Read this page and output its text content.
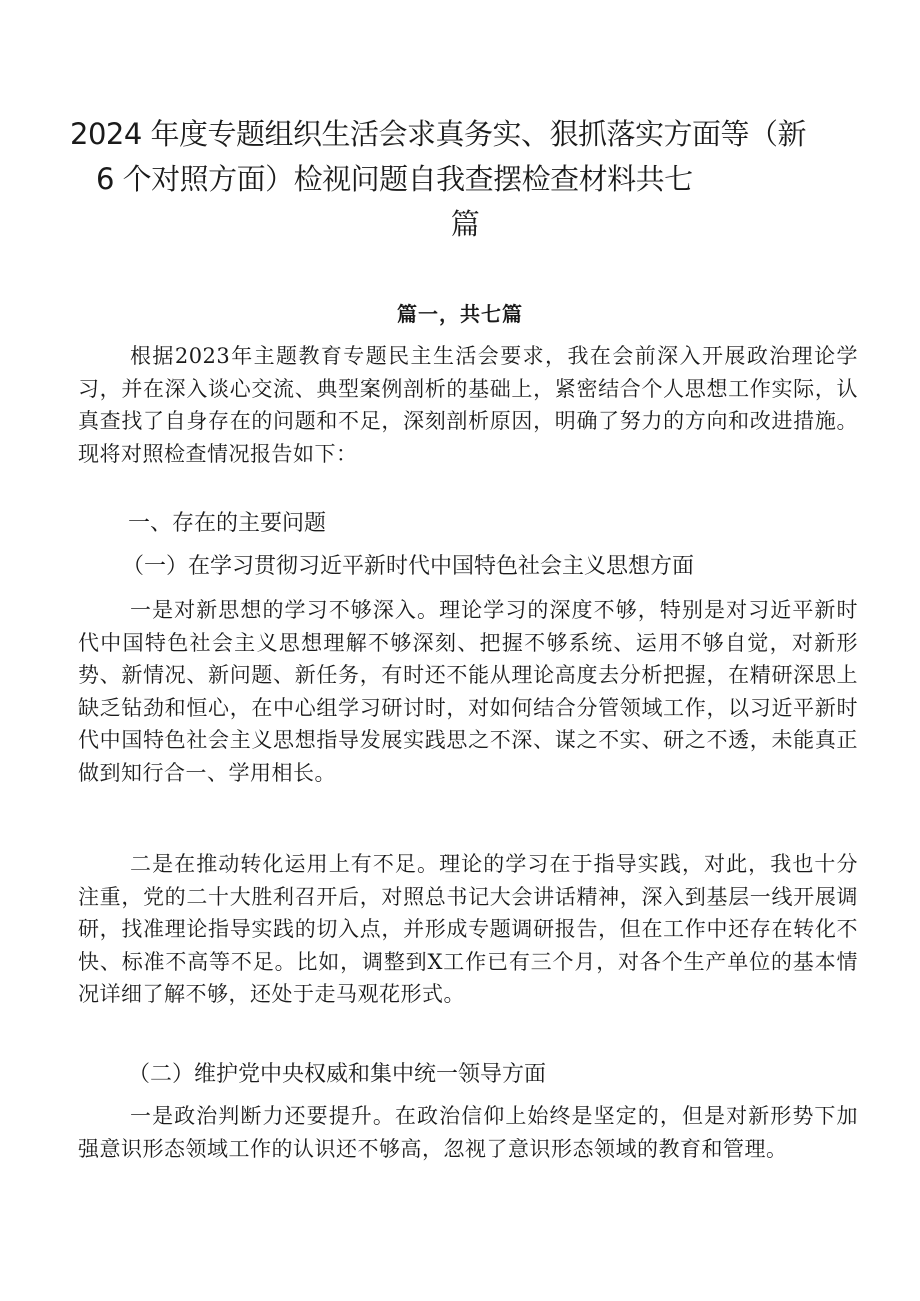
2024 年度专题组织生活会求真务实、狠抓落实方面等（新
6 个对照方面）检视问题自我查摆检查材料共七
篇
篇一，共七篇

根据2023年主题教育专题民主生活会要求，我在会前深入开展政治理论学习，并在深入谈心交流、典型案例剖析的基础上，紧密结合个人思想工作实际，认真查找了自身存在的问题和不足，深刻剖析原因，明确了努力的方向和改进措施。现将对照检查情况报告如下：

一、存在的主要问题
（一）在学习贯彻习近平新时代中国特色社会主义思想方面

一是对新思想的学习不够深入。理论学习的深度不够，特别是对习近平新时代中国特色社会主义思想理解不够深刻、把握不够系统、运用不够自觉，对新形势、新情况、新问题、新任务，有时还不能从理论高度去分析把握，在精研深思上缺乏钻劲和恒心，在中心组学习研讨时，对如何结合分管领域工作，以习近平新时代中国特色社会主义思想指导发展实践思之不深、谋之不实、研之不透，未能真正做到知行合一、学用相长。

二是在推动转化运用上有不足。理论的学习在于指导实践，对此，我也十分注重，党的二十大胜利召开后，对照总书记大会讲话精神，深入到基层一线开展调研，找准理论指导实践的切入点，并形成专题调研报告，但在工作中还存在转化不快、标准不高等不足。比如，调整到X工作已有三个月，对各个生产单位的基本情况详细了解不够，还处于走马观花形式。

（二）维护党中央权威和集中统一领导方面

一是政治判断力还要提升。在政治信仰上始终是坚定的，但是对新形势下加强意识形态领域工作的认识还不够高，忽视了意识形态领域的教育和管理。
